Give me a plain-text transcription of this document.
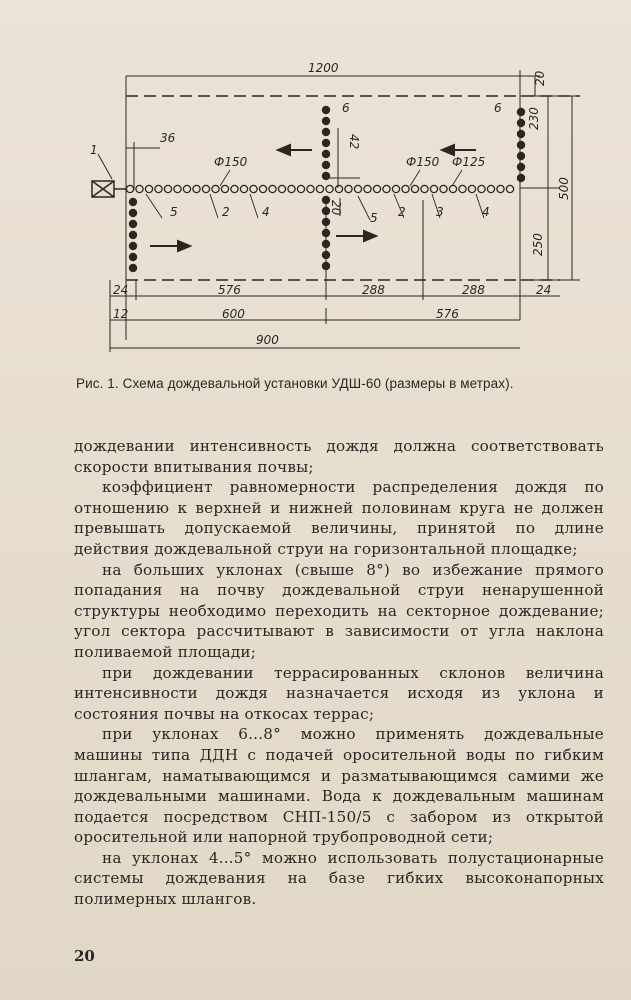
1200
20
36
Ф150	Ф150 Ф125
42
20
230
500
250
24	576	288	288	24
12	600	576
900
1
2	4
5
6
5 2	3	4
6
Рис. 1. Схема дождевальной установки УДШ-60 (размеры в метрах).

дождевании интенсивность дождя должна соответствовать скорости впитывания почвы;

коэффициент равномерности распределения дождя по отношению к верхней и нижней половинам круга не должен превышать допускаемой величины, принятой по длине действия дождевальной струи на горизонтальной площадке;

на больших уклонах (свыше 8°) во избежание прямого попадания на почву дождевальной струи ненарушенной структуры необходимо переходить на секторное дождевание; угол сектора рассчитывают в зависимости от угла наклона поливаемой площади;

при дождевании террасированных склонов величина интенсивности дождя назначается исходя из уклона и состояния почвы на откосах террас;

при уклонах 6...8° можно применять дождевальные машины типа ДДН с подачей оросительной воды по гибким шлангам, наматывающимся и разматывающимся самими же дождевальными машинами. Вода к дождевальным машинам подается посредством СНП-150/5 с забором из открытой оросительной или напорной трубопроводной сети;

на уклонах 4...5° можно использовать полустационарные системы дождевания на базе гибких высоконапорных полимерных шлангов.

20
